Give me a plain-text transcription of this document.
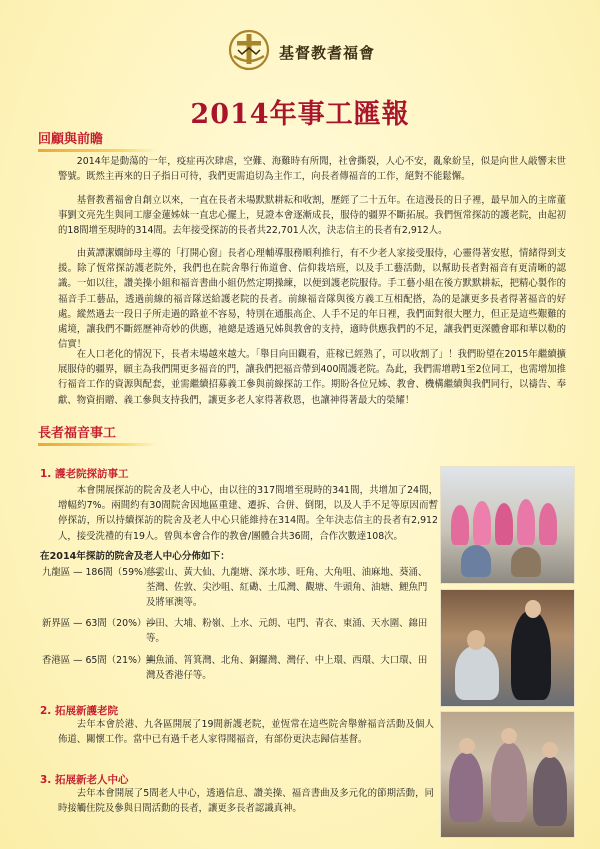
基督教耆福會
2014年事工匯報
回顧與前瞻
2014年是動蕩的一年，疫症再次肆虐，空難、海難時有所聞，社會撕裂，人心不安，亂象紛呈，似是向世人敲響末世警號。既然主再來的日子指日可待，我們更需追切為主作工，向長者傳福音的工作，絕對不能鬆懈。
基督教耆福會自創立以來，一直在長者未場默默耕耘和收割，歷經了二十五年。在這漫長的日子裡，最早加入的主席董事劉文亮先生與同工廖金蓮姊妹一直忠心擺上，見證本會逐漸成長，服侍的疆界不斷拓展。我們恆常探訪的護老院，由起初的18間增至現時的314間。去年接受探訪的長者共22,701人次，決志信主的長者有2,912人。
由黃譚潔嫻師母主導的「打開心窗」長者心理輔導服務順利推行，有不少老人家接受服侍，心靈得著安慰，情緒得到支援。除了恆常探訪護老院外，我們也在院舍舉行佈道會、信仰栽培班，以及手工藝活動，以幫助長者對福音有更清晰的認識。一如以往，讚美操小組和福音書曲小組仍然定期操練，以便到護老院服侍。手工藝小組在後方默默耕耘，把精心製作的福音手工藝品，透過前線的福音隊送給護老院的長者。前線福音隊與後方義工互相配搭，為的是讓更多長者得著福音的好處。縱然過去一段日子所走過的路並不容易，特別在通脹高企、人手不足的年日裡，我們面對很大壓力，但正是這些艱難的處境，讓我們不斷經歷神奇妙的供應，祂總是透過兄姊與教會的支持，適時供應我們的不足，讓我們更深體會耶和華以勒的信實！
在人口老化的情況下，長者未場越來越大。「舉目向田觀看，莊稼已經熟了，可以收割了」！我們盼望在2015年繼續擴展服侍的疆界，願主為我們開更多福音的門，讓我們把福音帶到400間護老院。為此，我們需增聘1至2位同工，也需增加推行福音工作的資源與配套，並需繼續招募義工參與前線探訪工作。期盼各位兄姊、教會、機構繼續與我們同行，以禱告、奉獻、物資捐贈、義工參與支持我們，讓更多老人家得著救恩，也讓神得著最大的榮耀！
長者福音事工
1. 護老院探訪事工
本會開展探訪的院舍及老人中心，由以往的317間增至現時的341間，共增加了24間，增幅約7%。兩間約有30間院舍因地區重建、遷拆、合併、倒閉，以及人手不足等原因而暫停探訪，所以持續探訪的院舍及老人中心只能維持在314間。全年決志信主的長者有2,912人，接受洗禮的有19人。曾與本會合作的教會/團體合共36間，合作次數達108次。
在2014年探訪的院舍及老人中心分佈如下：
九龍區 — 186間（59%）—
慈雲山、黃大仙、九龍塘、深水埗、旺角、大角咀、油麻地、葵涌、荃灣、佐敦、尖沙咀、紅磡、土瓜灣、觀塘、牛頭角、油塘、鯉魚門及將軍澳等。
新界區 — 63間（20%）—
沙田、大埔、粉嶺、上水、元朗、屯門、青衣、東涌、天水圍、錦田等。
香港區 — 65間（21%）—
鰂魚涌、筲箕灣、北角、銅鑼灣、灣仔、中上環、西環、大口環、田灣及香港仔等。
2. 拓展新護老院
去年本會於港、九各區開展了19間新護老院，並恆常在這些院舍舉辦福音活動及個人佈道、關懷工作。當中已有過千老人家得聞福音，有部份更決志歸信基督。
3. 拓展新老人中心
去年本會開展了5間老人中心，透過信息、讚美操、福音書曲及多元化的節期活動，同時接觸住院及參與日間活動的長者，讓更多長者認識真神。
